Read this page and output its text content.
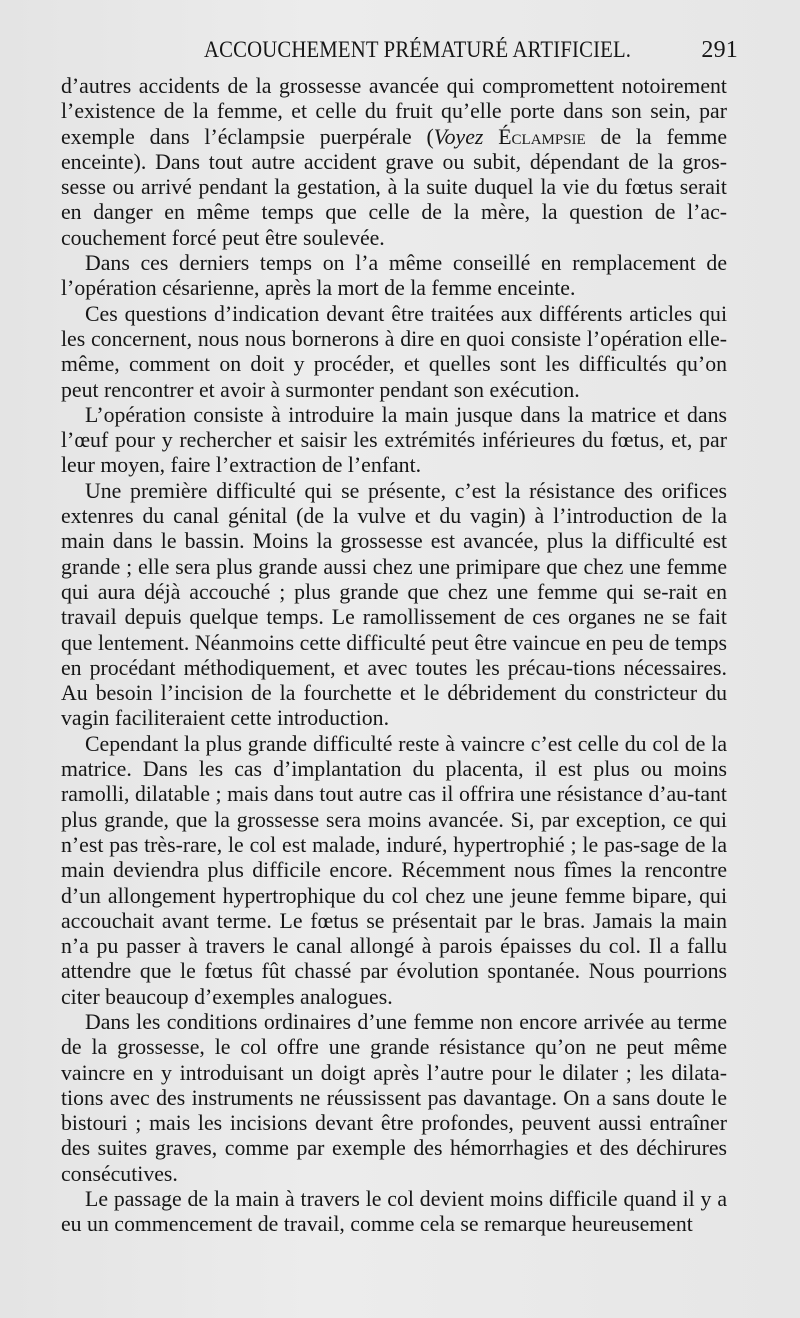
ACCOUCHEMENT PRÉMATURÉ ARTIFICIEL.	291

d’autres accidents de la grossesse avancée qui compromettent notoirement l’existence de la femme, et celle du fruit qu’elle porte dans son sein, par exemple dans l’éclampsie puerpérale (Voyez Éclampsie de la femme enceinte). Dans tout autre accident grave ou subit, dépendant de la gros-sesse ou arrivé pendant la gestation, à la suite duquel la vie du fœtus serait en danger en même temps que celle de la mère, la question de l’ac-couchement forcé peut être soulevée.

Dans ces derniers temps on l’a même conseillé en remplacement de l’opération césarienne, après la mort de la femme enceinte.

Ces questions d’indication devant être traitées aux différents articles qui les concernent, nous nous bornerons à dire en quoi consiste l’opération elle-même, comment on doit y procéder, et quelles sont les difficultés qu’on peut rencontrer et avoir à surmonter pendant son exécution.

L’opération consiste à introduire la main jusque dans la matrice et dans l’œuf pour y rechercher et saisir les extrémités inférieures du fœtus, et, par leur moyen, faire l’extraction de l’enfant.

Une première difficulté qui se présente, c’est la résistance des orifices extenres du canal génital (de la vulve et du vagin) à l’introduction de la main dans le bassin. Moins la grossesse est avancée, plus la difficulté est grande ; elle sera plus grande aussi chez une primipare que chez une femme qui aura déjà accouché ; plus grande que chez une femme qui se-rait en travail depuis quelque temps. Le ramollissement de ces organes ne se fait que lentement. Néanmoins cette difficulté peut être vaincue en peu de temps en procédant méthodiquement, et avec toutes les précau-tions nécessaires. Au besoin l’incision de la fourchette et le débridement du constricteur du vagin faciliteraient cette introduction.

Cependant la plus grande difficulté reste à vaincre c’est celle du col de la matrice. Dans les cas d’implantation du placenta, il est plus ou moins ramolli, dilatable ; mais dans tout autre cas il offrira une résistance d’au-tant plus grande, que la grossesse sera moins avancée. Si, par exception, ce qui n’est pas très-rare, le col est malade, induré, hypertrophié ; le pas-sage de la main deviendra plus difficile encore. Récemment nous fîmes la rencontre d’un allongement hypertrophique du col chez une jeune femme bipare, qui accouchait avant terme. Le fœtus se présentait par le bras. Jamais la main n’a pu passer à travers le canal allongé à parois épaisses du col. Il a fallu attendre que le fœtus fût chassé par évolution spontanée. Nous pourrions citer beaucoup d’exemples analogues.

Dans les conditions ordinaires d’une femme non encore arrivée au terme de la grossesse, le col offre une grande résistance qu’on ne peut même vaincre en y introduisant un doigt après l’autre pour le dilater ; les dilata-tions avec des instruments ne réussissent pas davantage. On a sans doute le bistouri ; mais les incisions devant être profondes, peuvent aussi entraîner des suites graves, comme par exemple des hémorrhagies et des déchirures consécutives.

Le passage de la main à travers le col devient moins difficile quand il y a eu un commencement de travail, comme cela se remarque heureusement
